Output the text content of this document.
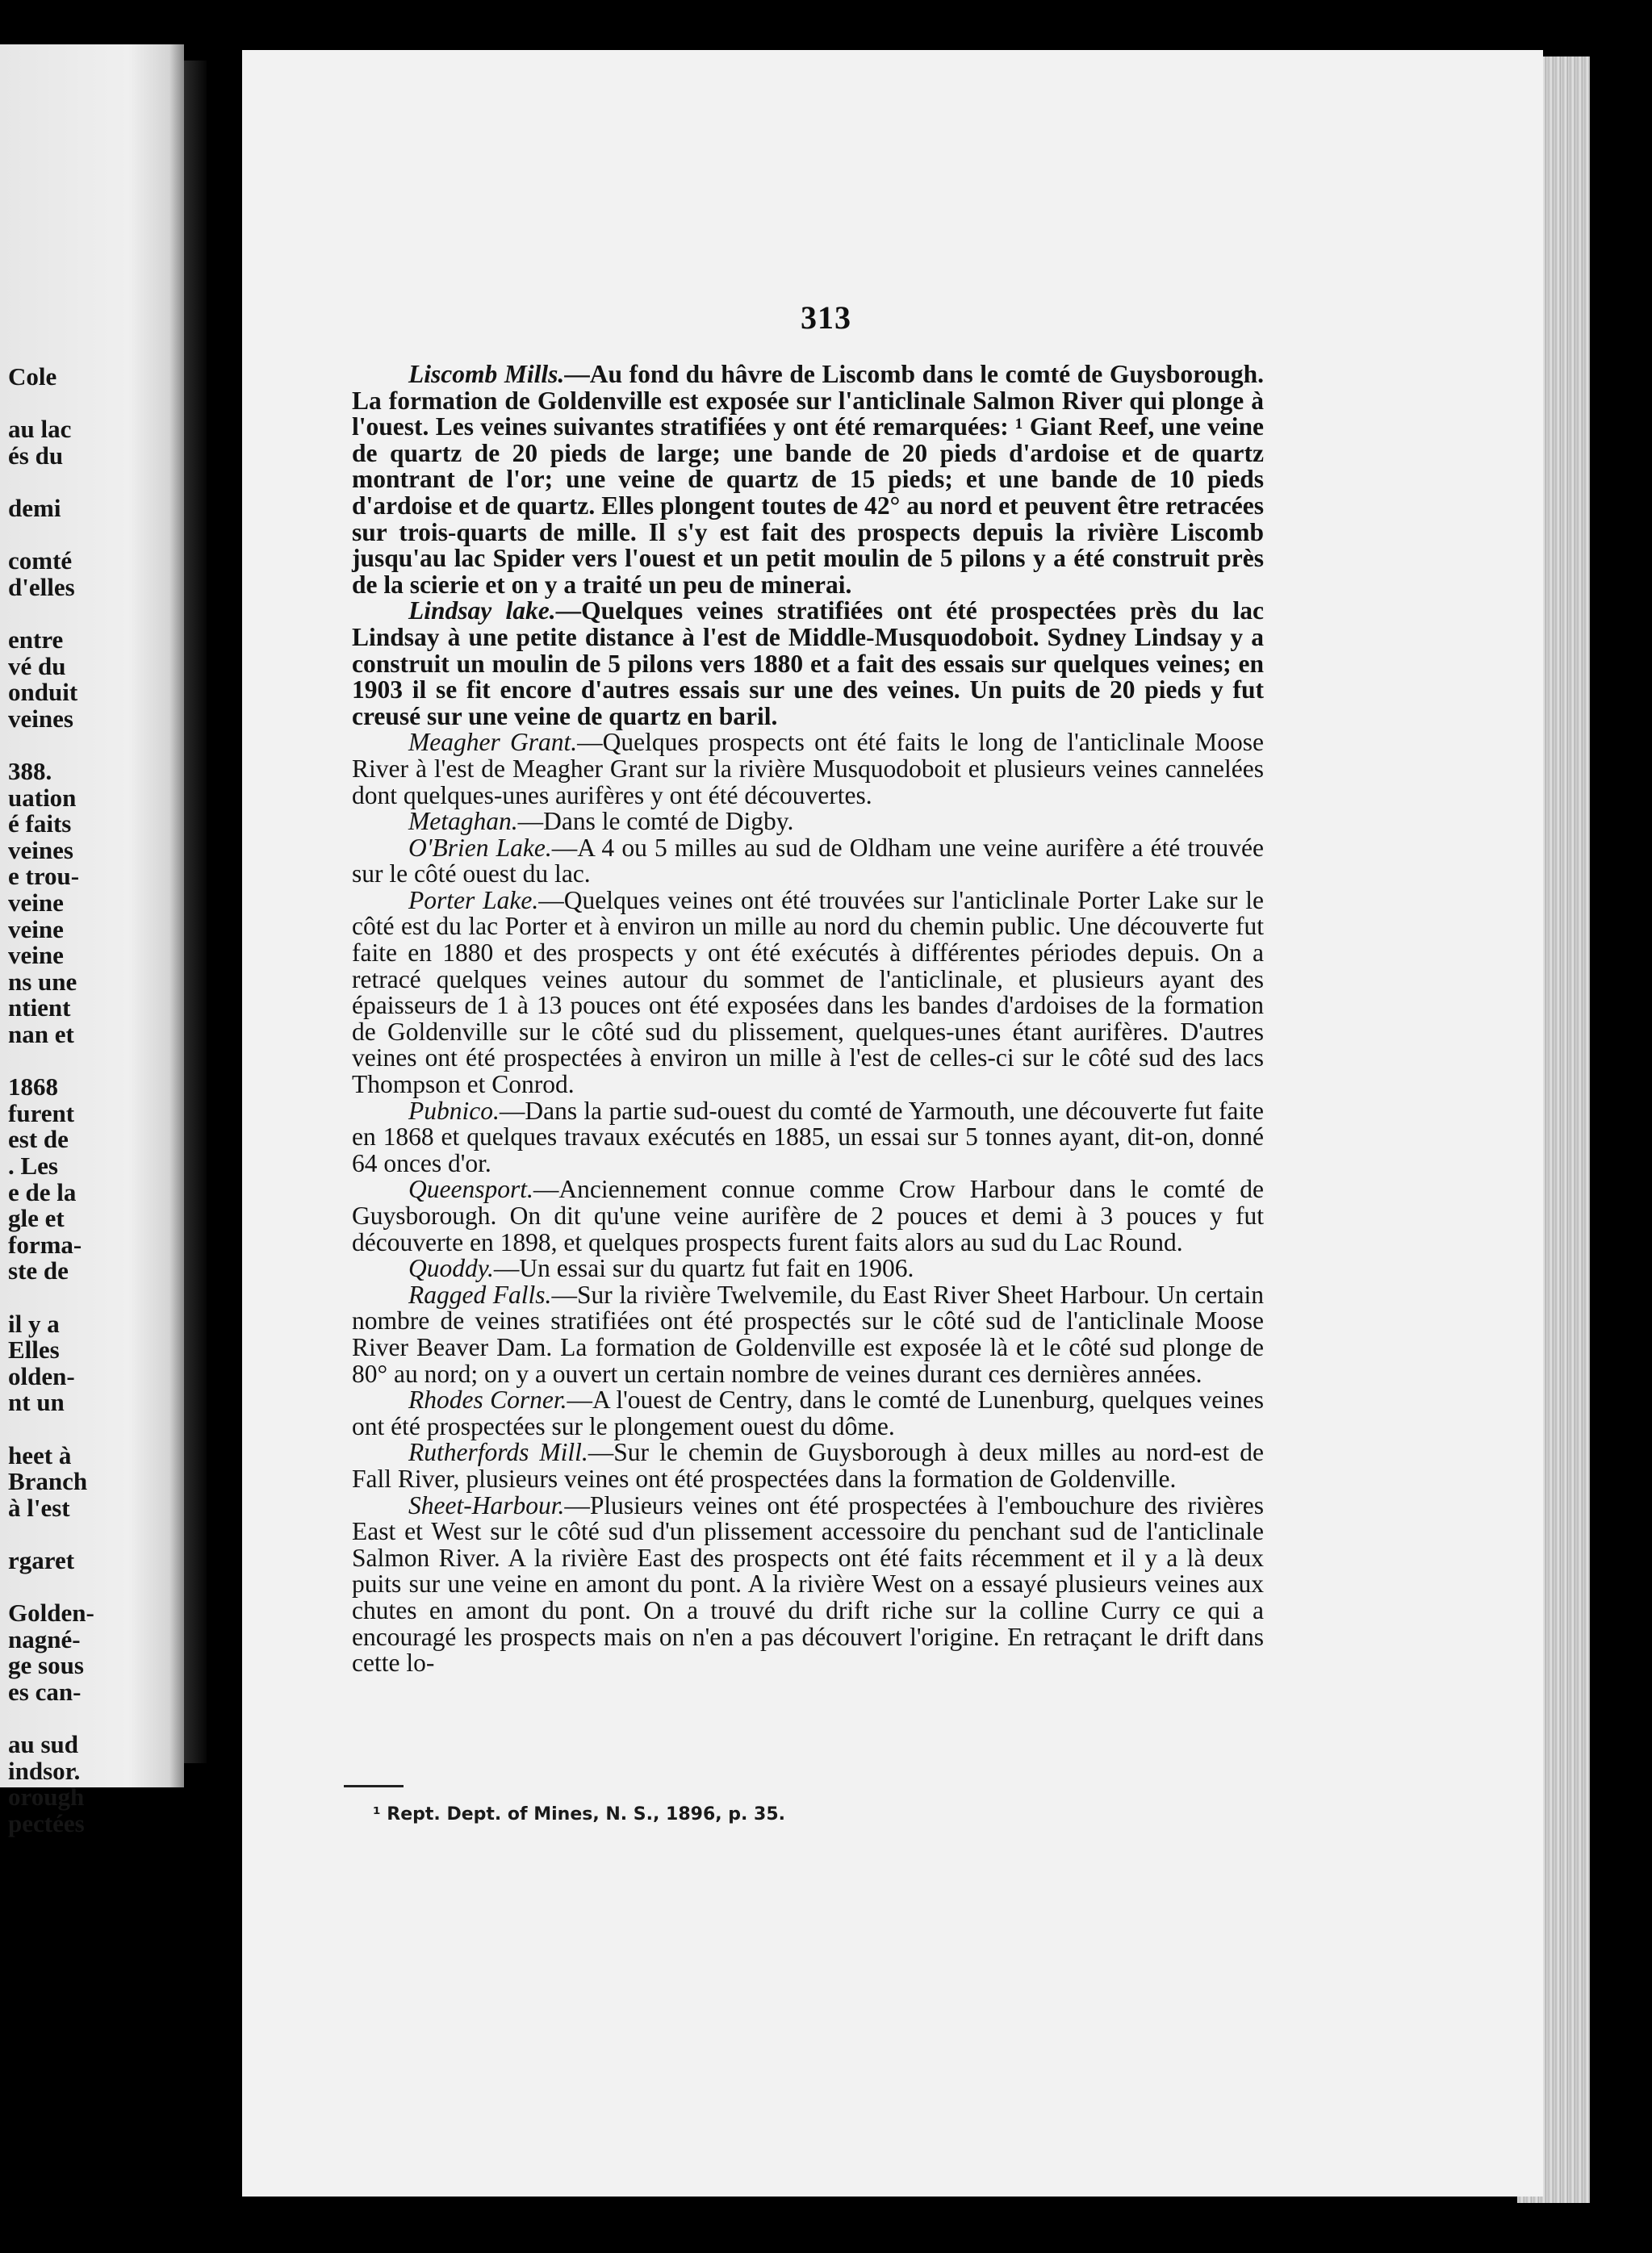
Cole
au lac
és du
demi
comté
d'elles
entre
vé du
onduit
veines
388.
uation
é faits
veines
e trou-
veine
veine
veine
ns une
ntient
nan et
1868
furent
est de
. Les
e de la
gle et
forma-
ste de
il y a
Elles
olden-
nt un
heet à
Branch
à l'est
rgaret
Golden-
nagné-
ge sous
es can-
au sud
indsor.
orough
pectées
313

Liscomb Mills.—Au fond du hâvre de Liscomb dans le comté de Guysborough. La formation de Goldenville est exposée sur l'anticlinale Salmon River qui plonge à l'ouest. Les veines suivantes stratifiées y ont été remarquées: ¹ Giant Reef, une veine de quartz de 20 pieds de large; une bande de 20 pieds d'ardoise et de quartz montrant de l'or; une veine de quartz de 15 pieds; et une bande de 10 pieds d'ardoise et de quartz. Elles plongent toutes de 42° au nord et peuvent être retracées sur trois-quarts de mille. Il s'y est fait des prospects depuis la rivière Liscomb jusqu'au lac Spider vers l'ouest et un petit moulin de 5 pilons y a été construit près de la scierie et on y a traité un peu de minerai.

Lindsay lake.—Quelques veines stratifiées ont été prospectées près du lac Lindsay à une petite distance à l'est de Middle-Musquodoboit. Sydney Lindsay y a construit un moulin de 5 pilons vers 1880 et a fait des essais sur quelques veines; en 1903 il se fit encore d'autres essais sur une des veines. Un puits de 20 pieds y fut creusé sur une veine de quartz en baril.

Meagher Grant.—Quelques prospects ont été faits le long de l'anticlinale Moose River à l'est de Meagher Grant sur la rivière Musquodoboit et plusieurs veines cannelées dont quelques-unes aurifères y ont été découvertes.

Metaghan.—Dans le comté de Digby.

O'Brien Lake.—A 4 ou 5 milles au sud de Oldham une veine aurifère a été trouvée sur le côté ouest du lac.

Porter Lake.—Quelques veines ont été trouvées sur l'anticlinale Porter Lake sur le côté est du lac Porter et à environ un mille au nord du chemin public. Une découverte fut faite en 1880 et des prospects y ont été exécutés à différentes périodes depuis. On a retracé quelques veines autour du sommet de l'anticlinale, et plusieurs ayant des épaisseurs de 1 à 13 pouces ont été exposées dans les bandes d'ardoises de la formation de Goldenville sur le côté sud du plissement, quelques-unes étant aurifères. D'autres veines ont été prospectées à environ un mille à l'est de celles-ci sur le côté sud des lacs Thompson et Conrod.

Pubnico.—Dans la partie sud-ouest du comté de Yarmouth, une découverte fut faite en 1868 et quelques travaux exécutés en 1885, un essai sur 5 tonnes ayant, dit-on, donné 64 onces d'or.

Queensport.—Anciennement connue comme Crow Harbour dans le comté de Guysborough. On dit qu'une veine aurifère de 2 pouces et demi à 3 pouces y fut découverte en 1898, et quelques prospects furent faits alors au sud du Lac Round.

Quoddy.—Un essai sur du quartz fut fait en 1906.

Ragged Falls.—Sur la rivière Twelvemile, du East River Sheet Harbour. Un certain nombre de veines stratifiées ont été prospectés sur le côté sud de l'anticlinale Moose River Beaver Dam. La formation de Goldenville est exposée là et le côté sud plonge de 80° au nord; on y a ouvert un certain nombre de veines durant ces dernières années.

Rhodes Corner.—A l'ouest de Centry, dans le comté de Lunenburg, quelques veines ont été prospectées sur le plongement ouest du dôme.

Rutherfords Mill.—Sur le chemin de Guysborough à deux milles au nord-est de Fall River, plusieurs veines ont été prospectées dans la formation de Goldenville.

Sheet-Harbour.—Plusieurs veines ont été prospectées à l'embouchure des rivières East et West sur le côté sud d'un plissement accessoire du penchant sud de l'anticlinale Salmon River. A la rivière East des prospects ont été faits récemment et il y a là deux puits sur une veine en amont du pont. A la rivière West on a essayé plusieurs veines aux chutes en amont du pont. On a trouvé du drift riche sur la colline Curry ce qui a encouragé les prospects mais on n'en a pas découvert l'origine. En retraçant le drift dans cette lo-

¹ Rept. Dept. of Mines, N. S., 1896, p. 35.
